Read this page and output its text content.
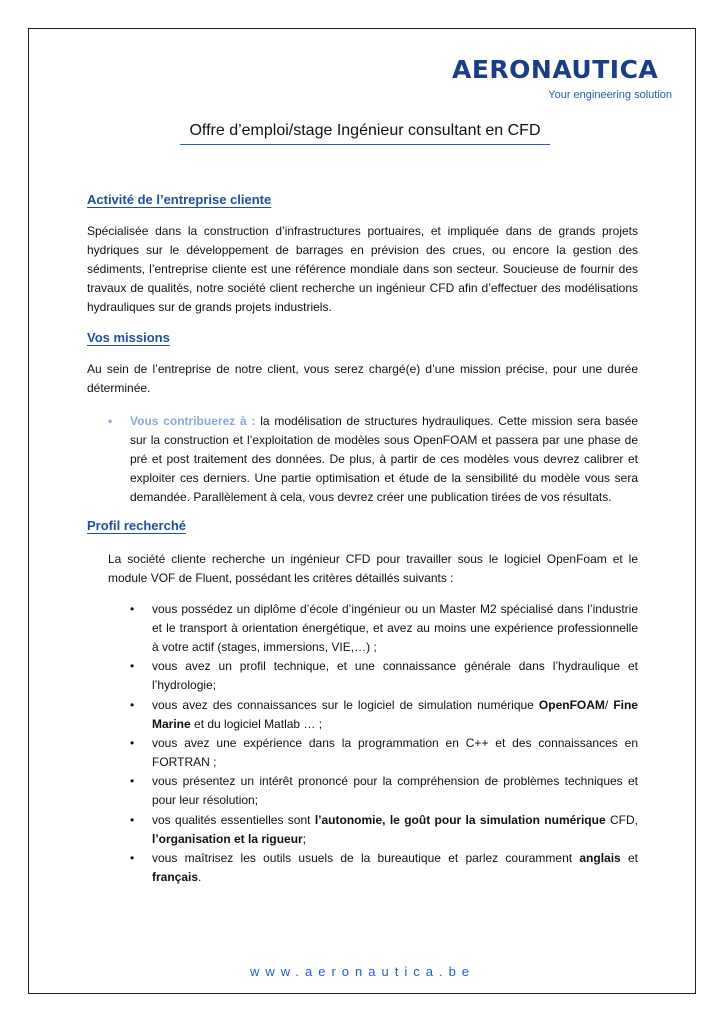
AERONAUTICA
Your engineering solution
Offre d’emploi/stage Ingénieur consultant en CFD
Activité de l’entreprise cliente
Spécialisée dans la construction d’infrastructures portuaires, et impliquée dans de grands projets hydriques sur le développement de barrages en prévision des crues, ou encore la gestion des sédiments, l’entreprise cliente est une référence mondiale dans son secteur. Soucieuse de fournir des travaux de qualités, notre société client recherche un ingénieur CFD afin d’effectuer des modélisations hydrauliques sur de grands projets industriels.
Vos missions
Au sein de l’entreprise de notre client, vous serez chargé(e) d’une mission précise, pour une durée déterminée.
• Vous contribuerez à : la modélisation de structures hydrauliques. Cette mission sera basée sur la construction et l’exploitation de modèles sous OpenFOAM et passera par une phase de pré et post traitement des données. De plus, à partir de ces modèles vous devrez calibrer et exploiter ces derniers. Une partie optimisation et étude de la sensibilité du modèle vous sera demandée. Parallèlement à cela, vous devrez créer une publication tirées de vos résultats.
Profil recherché
La société cliente recherche un ingénieur CFD pour travailler sous le logiciel OpenFoam et le module VOF de Fluent, possédant les critères détaillés suivants :
• vous possédez un diplôme d’école d’ingénieur ou un Master M2 spécialisé dans l’industrie et le transport à orientation énergétique, et avez au moins une expérience professionnelle à votre actif (stages, immersions, VIE,…) ;
• vous avez un profil technique, et une connaissance générale dans l’hydraulique et l’hydrologie;
• vous avez des connaissances sur le logiciel de simulation numérique OpenFOAM/ Fine Marine et du logiciel Matlab … ;
• vous avez une expérience dans la programmation en C++ et des connaissances en FORTRAN ;
• vous présentez un intérêt prononcé pour la compréhension de problèmes techniques et pour leur résolution;
• vos qualités essentielles sont l’autonomie, le goût pour la simulation numérique CFD, l’organisation et la rigueur;
• vous maîtrisez les outils usuels de la bureautique et parlez couramment anglais et français.
www.aeronautica.be
